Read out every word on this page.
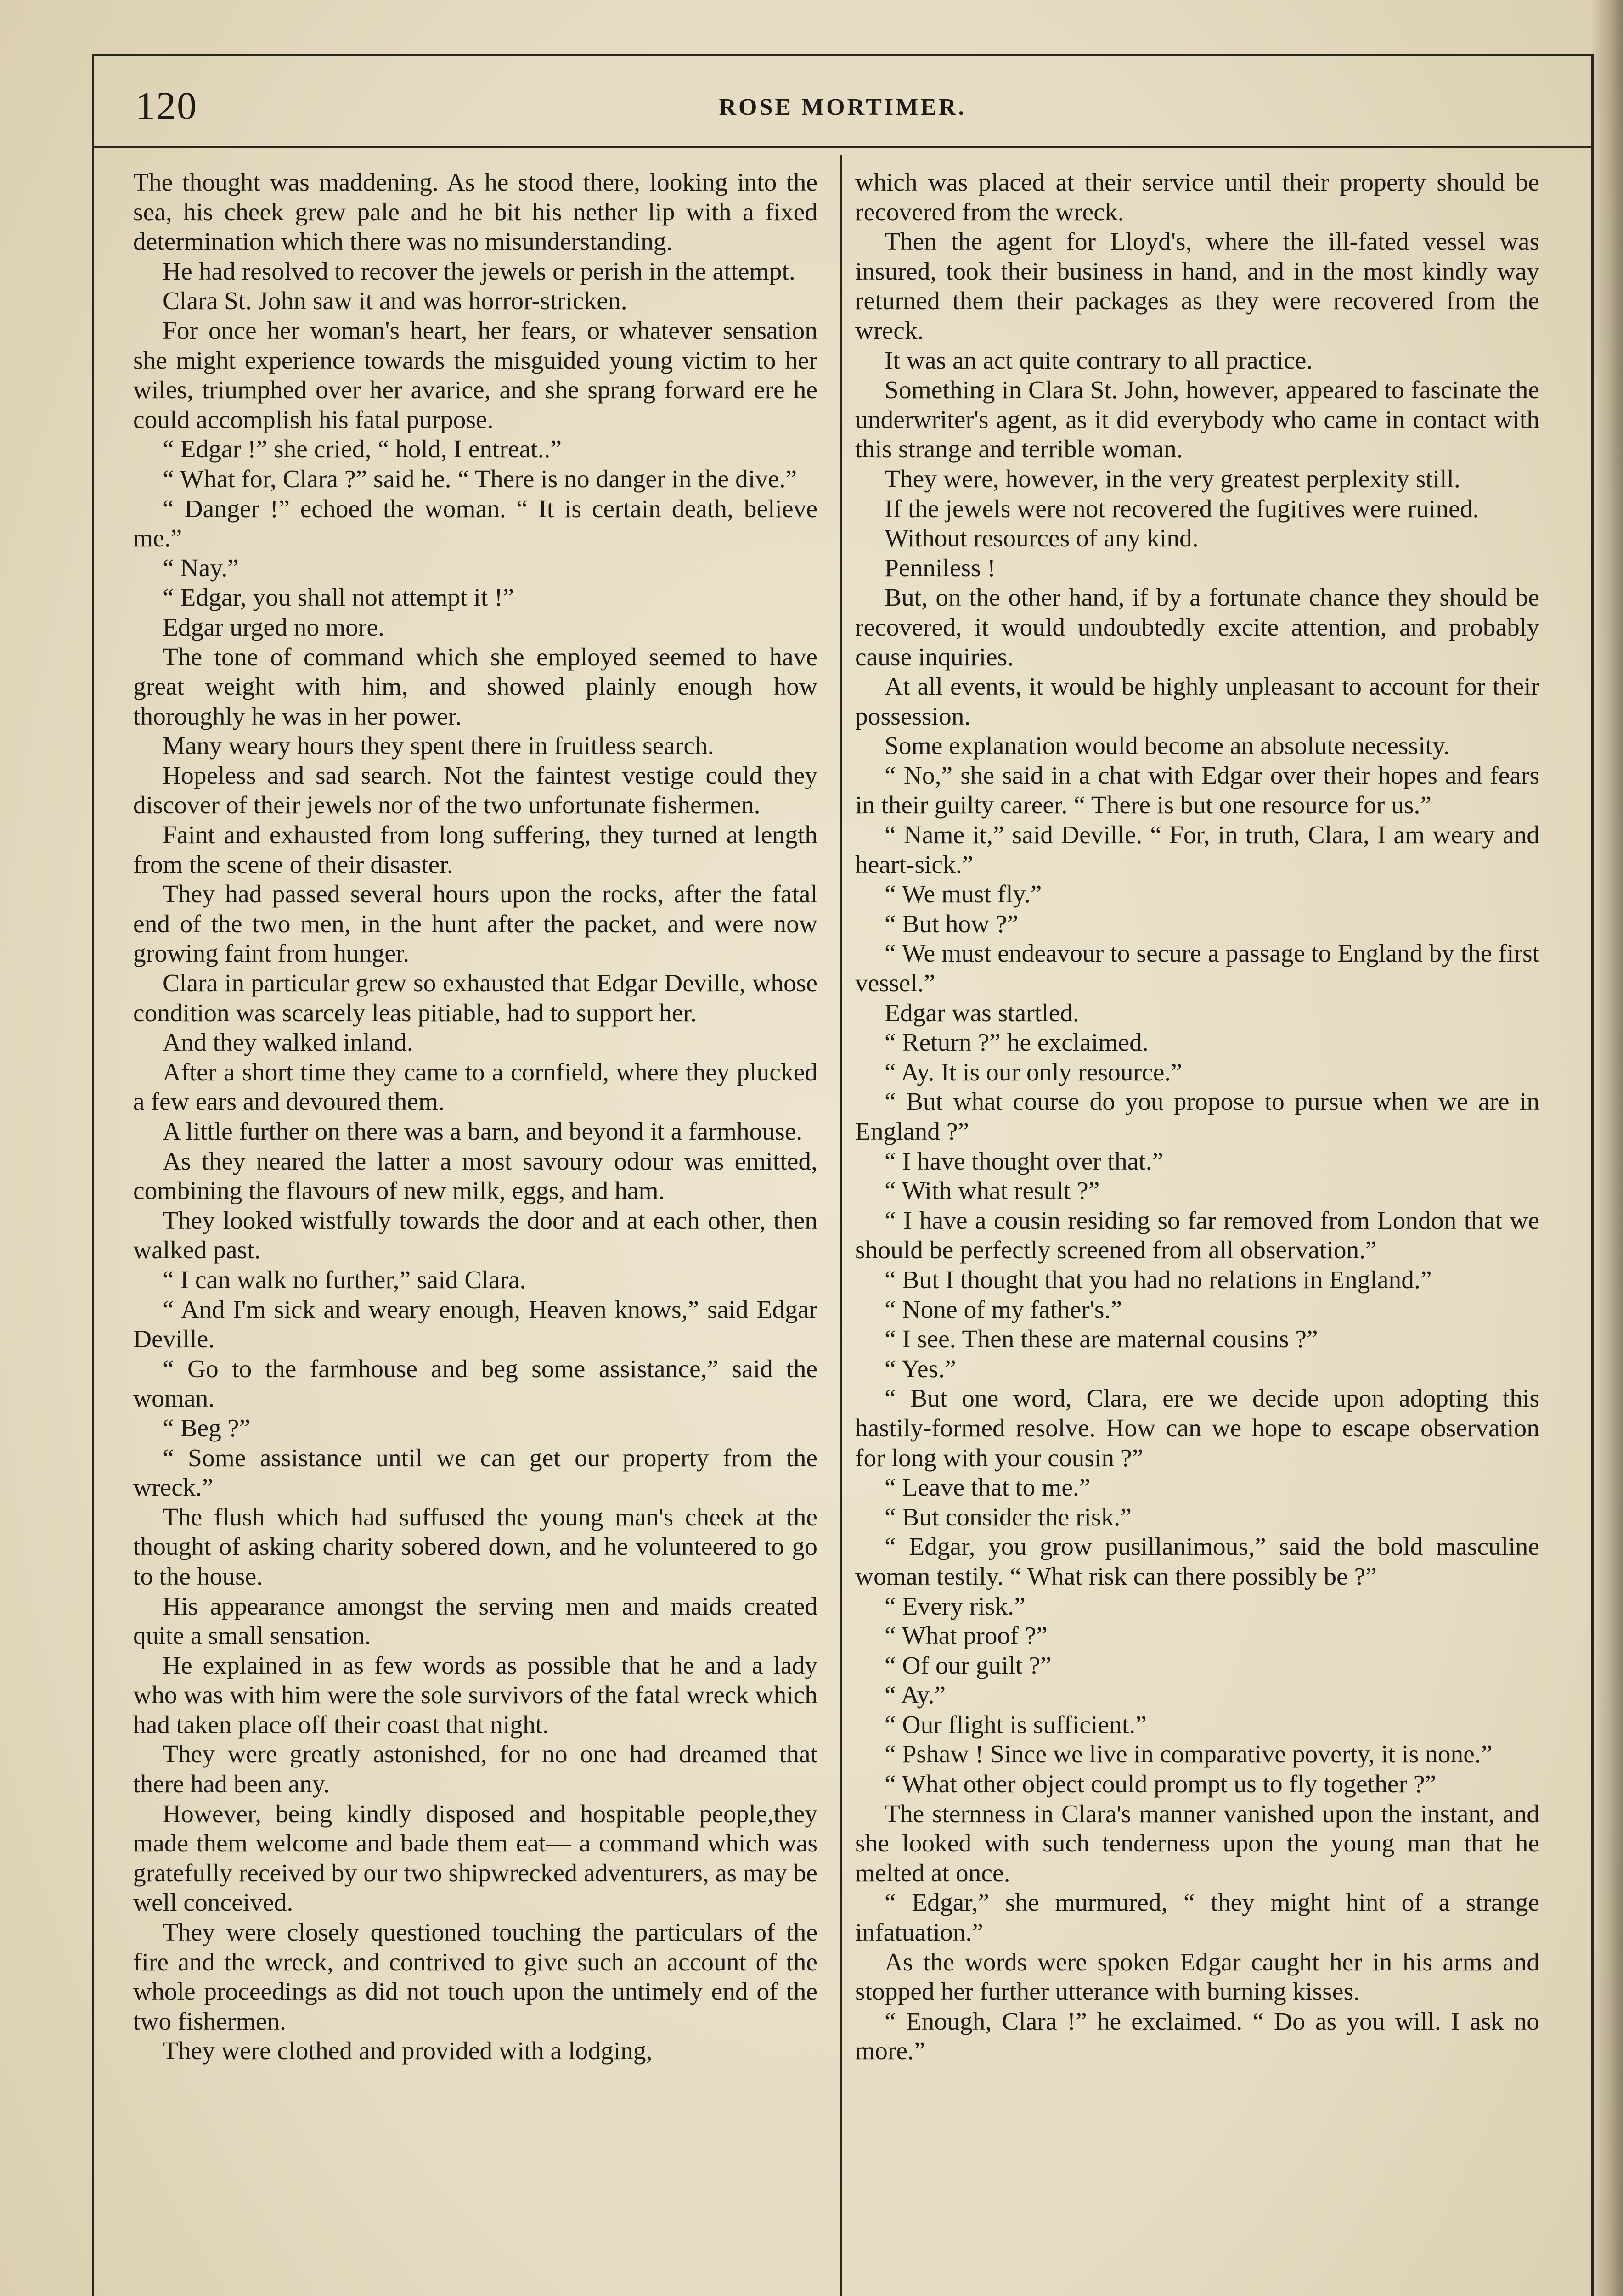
120	ROSE MORTIMER.

The thought was maddening. As he stood there, looking into the sea, his cheek grew pale and he bit his nether lip with a fixed determination which there was no misunderstanding.

He had resolved to recover the jewels or perish in the attempt.

Clara St. John saw it and was horror-stricken.

For once her woman's heart, her fears, or whatever sensation she might experience towards the misguided young victim to her wiles, triumphed over her avarice, and she sprang forward ere he could accomplish his fatal purpose.

“ Edgar !” she cried, “ hold, I entreat..”

“ What for, Clara ?” said he. “ There is no danger in the dive.”

“ Danger !” echoed the woman. “ It is certain death, believe me.”

“ Nay.”

“ Edgar, you shall not attempt it !”

Edgar urged no more.

The tone of command which she employed seemed to have great weight with him, and showed plainly enough how thoroughly he was in her power.

Many weary hours they spent there in fruitless search.

Hopeless and sad search. Not the faintest vestige could they discover of their jewels nor of the two unfortunate fishermen.

Faint and exhausted from long suffering, they turned at length from the scene of their disaster.

They had passed several hours upon the rocks, after the fatal end of the two men, in the hunt after the packet, and were now growing faint from hunger.

Clara in particular grew so exhausted that Edgar Deville, whose condition was scarcely leas pitiable, had to support her.

And they walked inland.

After a short time they came to a cornfield, where they plucked a few ears and devoured them.

A little further on there was a barn, and beyond it a farmhouse.

As they neared the latter a most savoury odour was emitted, combining the flavours of new milk, eggs, and ham.

They looked wistfully towards the door and at each other, then walked past.

“ I can walk no further,” said Clara.

“ And I'm sick and weary enough, Heaven knows,” said Edgar Deville.

“ Go to the farmhouse and beg some assistance,” said the woman.

“ Beg ?”

“ Some assistance until we can get our property from the wreck.”

The flush which had suffused the young man's cheek at the thought of asking charity sobered down, and he volunteered to go to the house.

His appearance amongst the serving men and maids created quite a small sensation.

He explained in as few words as possible that he and a lady who was with him were the sole survivors of the fatal wreck which had taken place off their coast that night.

They were greatly astonished, for no one had dreamed that there had been any.

However, being kindly disposed and hospitable people,they made them welcome and bade them eat— a command which was gratefully received by our two shipwrecked adventurers, as may be well conceived.

They were closely questioned touching the particulars of the fire and the wreck, and contrived to give such an account of the whole proceedings as did not touch upon the untimely end of the two fishermen.

They were clothed and provided with a lodging,

which was placed at their service until their property should be recovered from the wreck.

Then the agent for Lloyd's, where the ill-fated vessel was insured, took their business in hand, and in the most kindly way returned them their packages as they were recovered from the wreck.

It was an act quite contrary to all practice.

Something in Clara St. John, however, appeared to fascinate the underwriter's agent, as it did everybody who came in contact with this strange and terrible woman.

They were, however, in the very greatest perplexity still.

If the jewels were not recovered the fugitives were ruined.

Without resources of any kind.

Penniless !

But, on the other hand, if by a fortunate chance they should be recovered, it would undoubtedly excite attention, and probably cause inquiries.

At all events, it would be highly unpleasant to account for their possession.

Some explanation would become an absolute necessity.

“ No,” she said in a chat with Edgar over their hopes and fears in their guilty career. “ There is but one resource for us.”

“ Name it,” said Deville. “ For, in truth, Clara, I am weary and heart-sick.”

“ We must fly.”

“ But how ?”

“ We must endeavour to secure a passage to England by the first vessel.”

Edgar was startled.

“ Return ?” he exclaimed.

“ Ay. It is our only resource.”

“ But what course do you propose to pursue when we are in England ?”

“ I have thought over that.”

“ With what result ?”

“ I have a cousin residing so far removed from London that we should be perfectly screened from all observation.”

“ But I thought that you had no relations in England.”

“ None of my father's.”

“ I see. Then these are maternal cousins ?”

“ Yes.”

“ But one word, Clara, ere we decide upon adopting this hastily-formed resolve. How can we hope to escape observation for long with your cousin ?”

“ Leave that to me.”

“ But consider the risk.”

“ Edgar, you grow pusillanimous,” said the bold masculine woman testily. “ What risk can there possibly be ?”

“ Every risk.”

“ What proof ?”

“ Of our guilt ?”

“ Ay.”

“ Our flight is sufficient.”

“ Pshaw ! Since we live in comparative poverty, it is none.”

“ What other object could prompt us to fly together ?”

The sternness in Clara's manner vanished upon the instant, and she looked with such tenderness upon the young man that he melted at once.

“ Edgar,” she murmured, “ they might hint of a strange infatuation.”

As the words were spoken Edgar caught her in his arms and stopped her further utterance with burning kisses.

“ Enough, Clara !” he exclaimed. “ Do as you will. I ask no more.”
